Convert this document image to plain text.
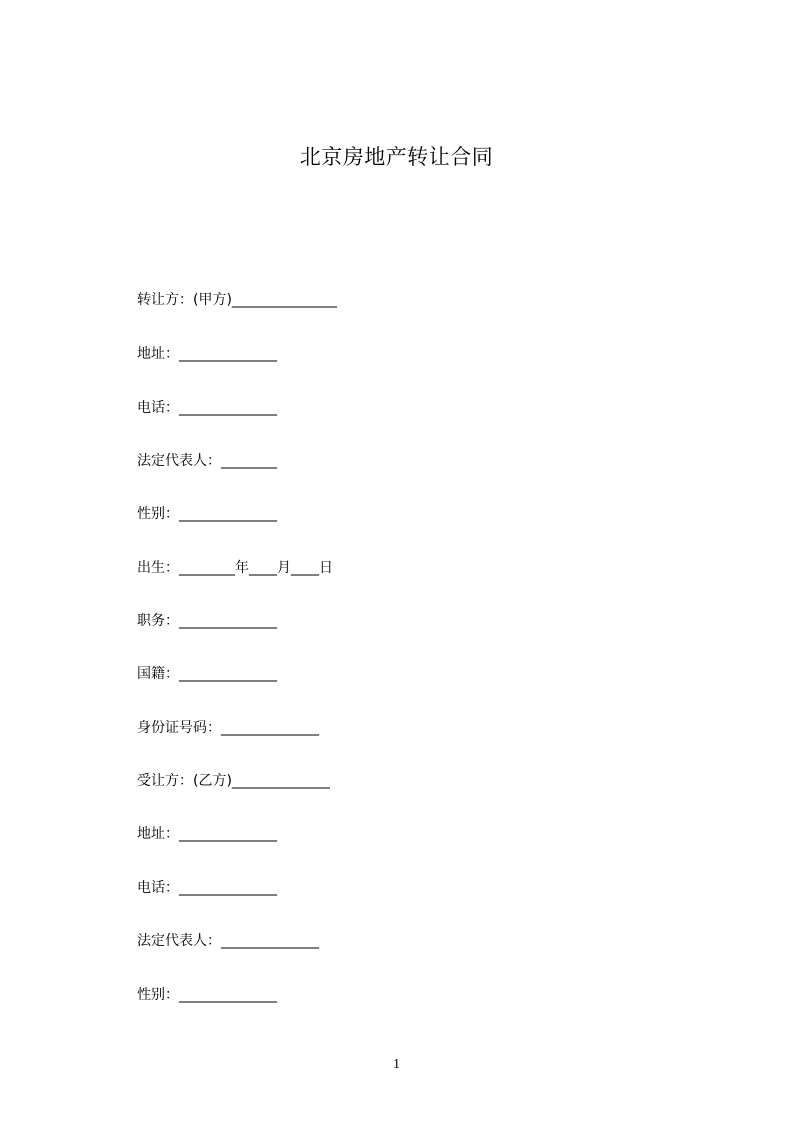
北京房地产转让合同
转让方：(甲方)_______________
地址：______________
电话：______________
法定代表人：________
性别：______________
出生：________年____月____日
职务：______________
国籍：______________
身份证号码：______________
受让方：(乙方)______________
地址：______________
电话：______________
法定代表人：______________
性别：______________
1
